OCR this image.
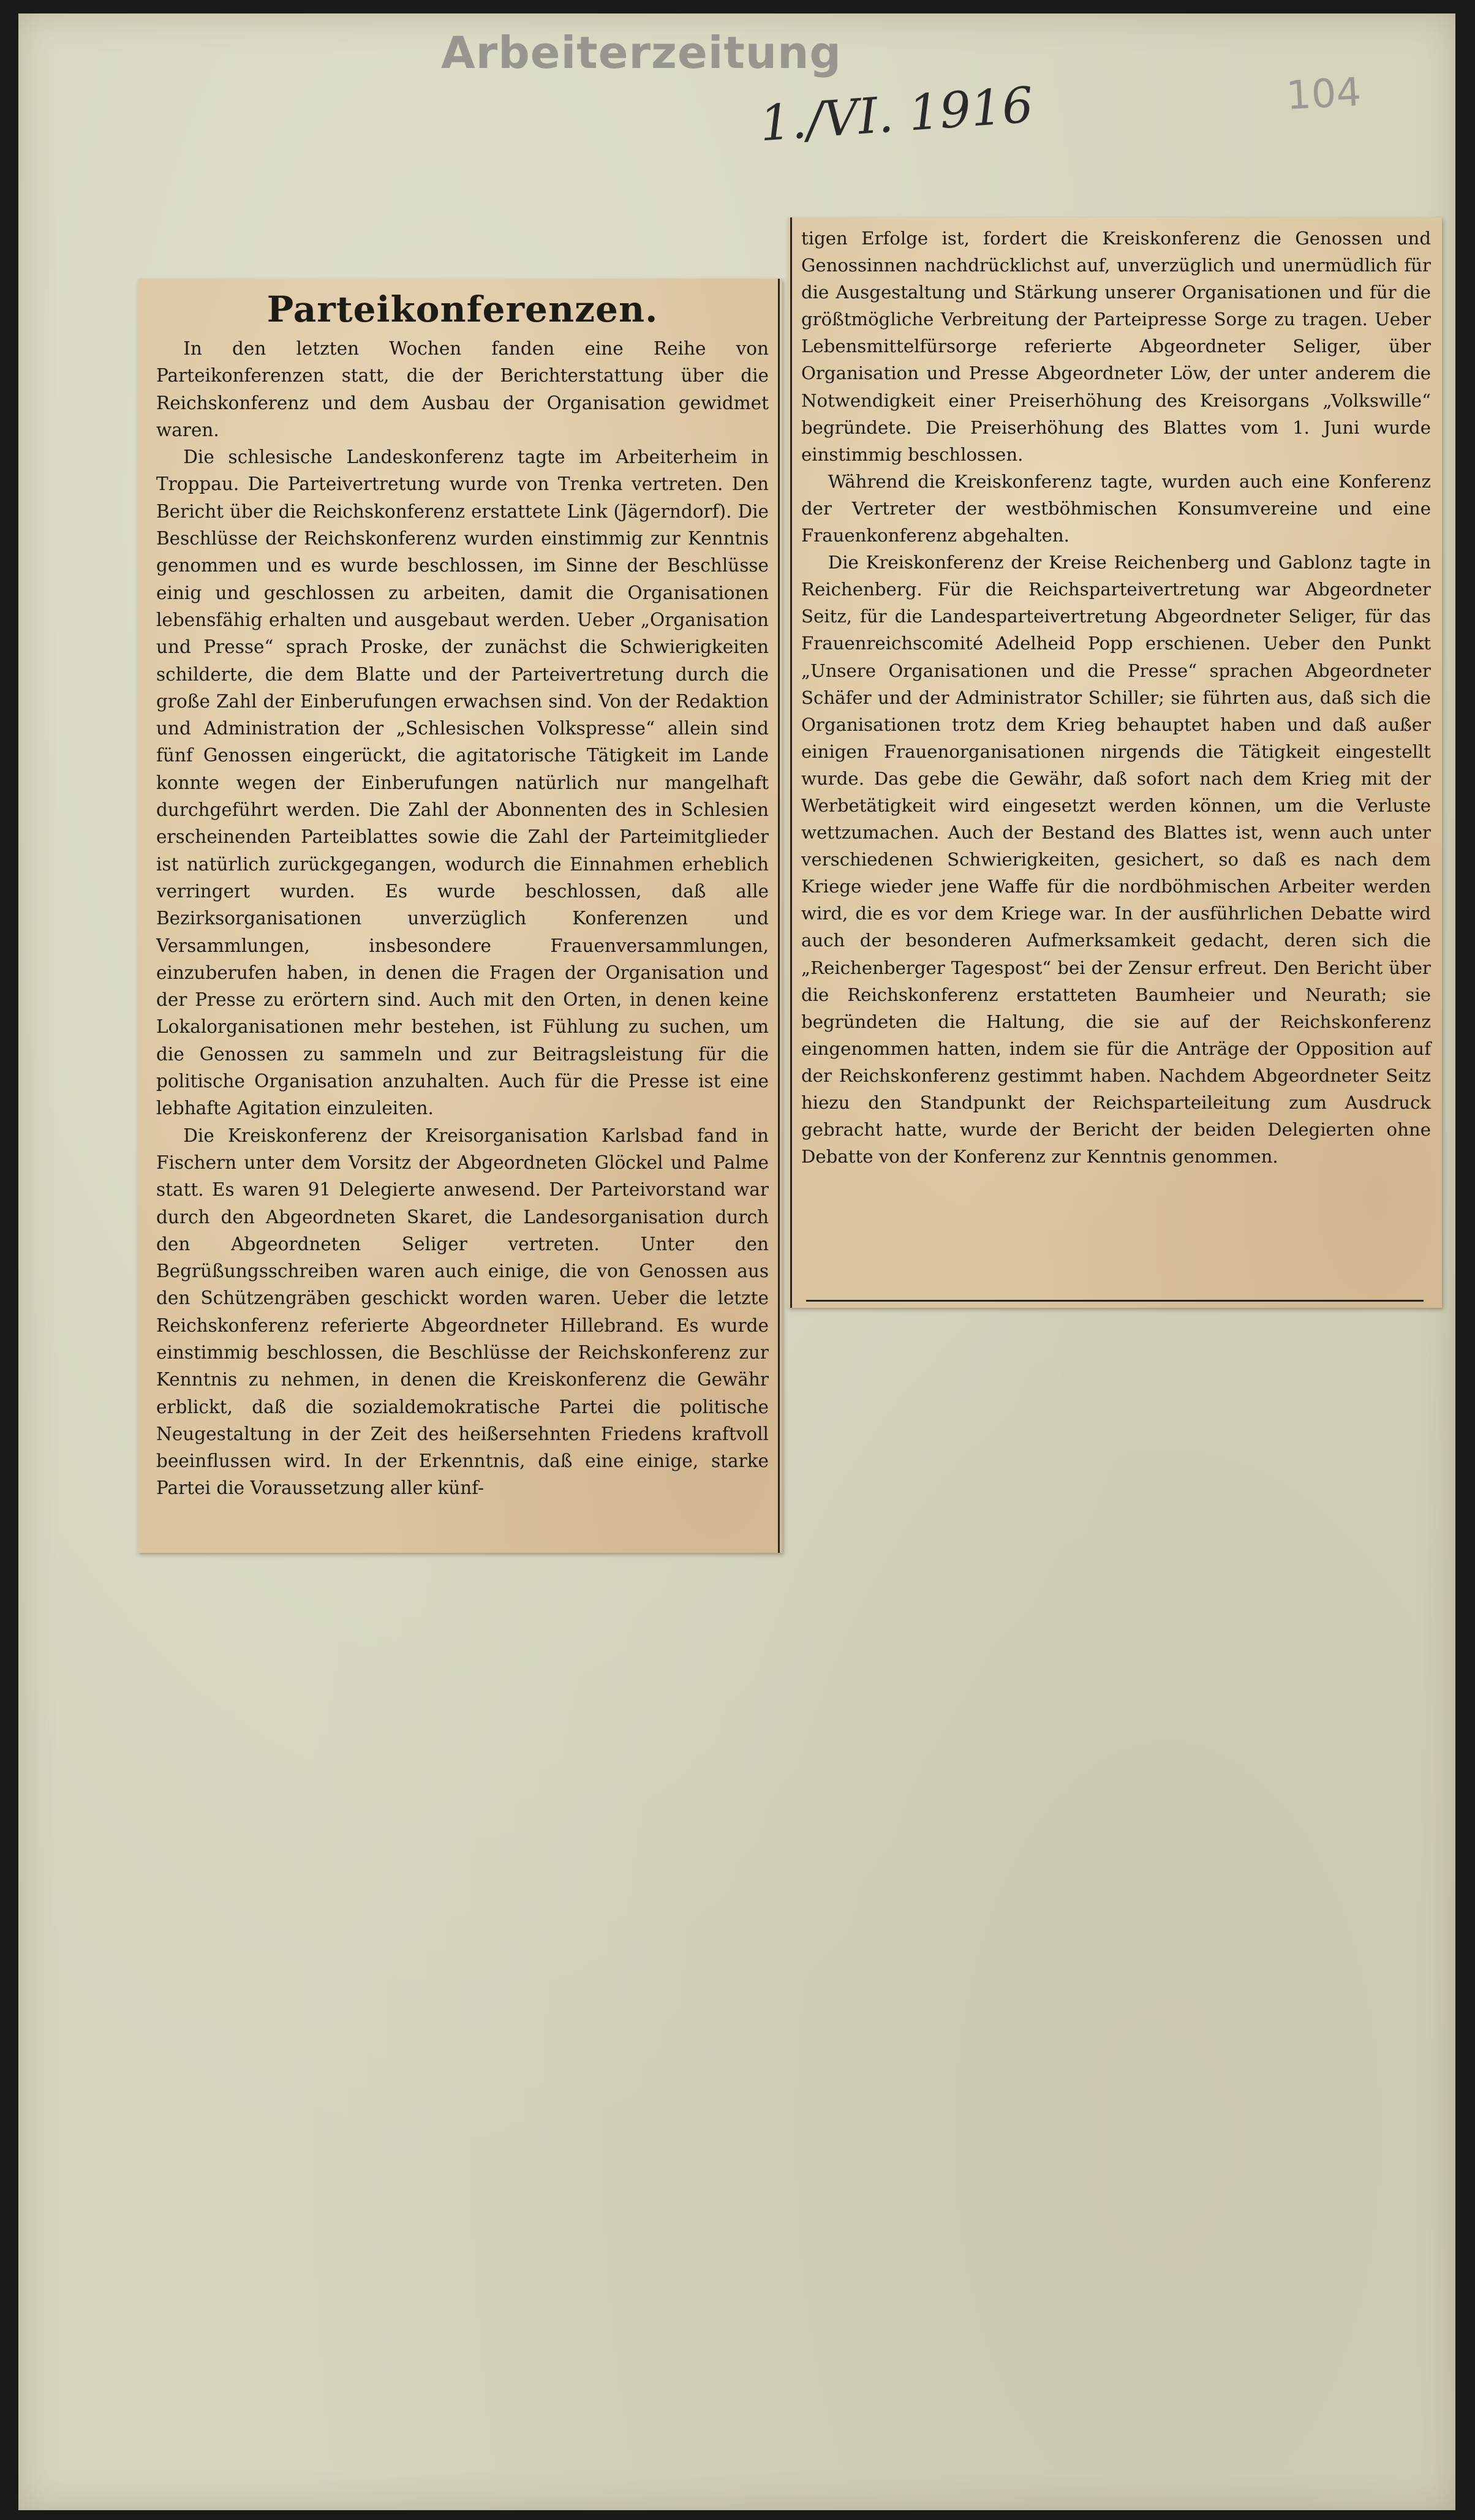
Arbeiterzeitung
1./VI. 1916	104
Parteikonferenzen.

In den letzten Wochen fanden eine Reihe von Parteikonferenzen statt, die der Berichterstattung über die Reichskonferenz und dem Ausbau der Organisation gewidmet waren.

Die schlesische Landeskonferenz tagte im Arbeiterheim in Troppau. Die Parteivertretung wurde von Trenka vertreten. Den Bericht über die Reichskonferenz erstattete Link (Jägerndorf). Die Beschlüsse der Reichskonferenz wurden einstimmig zur Kenntnis genommen und es wurde beschlossen, im Sinne der Beschlüsse einig und geschlossen zu arbeiten, damit die Organisationen lebensfähig erhalten und ausgebaut werden. Ueber „Organisation und Presse“ sprach Proske, der zunächst die Schwierigkeiten schilderte, die dem Blatte und der Parteivertretung durch die große Zahl der Einberufungen erwachsen sind. Von der Redaktion und Administration der „Schlesischen Volkspresse“ allein sind fünf Genossen eingerückt, die agitatorische Tätigkeit im Lande konnte wegen der Einberufungen natürlich nur mangelhaft durchgeführt werden. Die Zahl der Abonnenten des in Schlesien erscheinenden Parteiblattes sowie die Zahl der Parteimitglieder ist natürlich zurückgegangen, wodurch die Einnahmen erheblich verringert wurden. Es wurde beschlossen, daß alle Bezirksorganisationen unverzüglich Konferenzen und Versammlungen, insbesondere Frauenversammlungen, einzuberufen haben, in denen die Fragen der Organisation und der Presse zu erörtern sind. Auch mit den Orten, in denen keine Lokalorganisationen mehr bestehen, ist Fühlung zu suchen, um die Genossen zu sammeln und zur Beitragsleistung für die politische Organisation anzuhalten. Auch für die Presse ist eine lebhafte Agitation einzuleiten.

Die Kreiskonferenz der Kreisorganisation Karlsbad fand in Fischern unter dem Vorsitz der Abgeordneten Glöckel und Palme statt. Es waren 91 Delegierte anwesend. Der Parteivorstand war durch den Abgeordneten Skaret, die Landesorganisation durch den Abgeordneten Seliger vertreten. Unter den Begrüßungsschreiben waren auch einige, die von Genossen aus den Schützengräben geschickt worden waren. Ueber die letzte Reichskonferenz referierte Abgeordneter Hillebrand. Es wurde einstimmig beschlossen, die Beschlüsse der Reichskonferenz zur Kenntnis zu nehmen, in denen die Kreiskonferenz die Gewähr erblickt, daß die sozialdemokratische Partei die politische Neugestaltung in der Zeit des heißersehnten Friedens kraftvoll beeinflussen wird. In der Erkenntnis, daß eine einige, starke Partei die Voraussetzung aller künf-

tigen Erfolge ist, fordert die Kreiskonferenz die Genossen und Genossinnen nachdrücklichst auf, unverzüglich und unermüdlich für die Ausgestaltung und Stärkung unserer Organisationen und für die größtmögliche Verbreitung der Parteipresse Sorge zu tragen. Ueber Lebensmittelfürsorge referierte Abgeordneter Seliger, über Organisation und Presse Abgeordneter Löw, der unter anderem die Notwendigkeit einer Preiserhöhung des Kreisorgans „Volkswille“ begründete. Die Preiserhöhung des Blattes vom 1. Juni wurde einstimmig beschlossen.

Während die Kreiskonferenz tagte, wurden auch eine Konferenz der Vertreter der westböhmischen Konsumvereine und eine Frauenkonferenz abgehalten.

Die Kreiskonferenz der Kreise Reichenberg und Gablonz tagte in Reichenberg. Für die Reichsparteivertretung war Abgeordneter Seitz, für die Landesparteivertretung Abgeordneter Seliger, für das Frauenreichscomité Adelheid Popp erschienen. Ueber den Punkt „Unsere Organisationen und die Presse“ sprachen Abgeordneter Schäfer und der Administrator Schiller; sie führten aus, daß sich die Organisationen trotz dem Krieg behauptet haben und daß außer einigen Frauenorganisationen nirgends die Tätigkeit eingestellt wurde. Das gebe die Gewähr, daß sofort nach dem Krieg mit der Werbetätigkeit wird eingesetzt werden können, um die Verluste wettzumachen. Auch der Bestand des Blattes ist, wenn auch unter verschiedenen Schwierigkeiten, gesichert, so daß es nach dem Kriege wieder jene Waffe für die nordböhmischen Arbeiter werden wird, die es vor dem Kriege war. In der ausführlichen Debatte wird auch der besonderen Aufmerksamkeit gedacht, deren sich die „Reichenberger Tagespost“ bei der Zensur erfreut. Den Bericht über die Reichskonferenz erstatteten Baumheier und Neurath; sie begründeten die Haltung, die sie auf der Reichskonferenz eingenommen hatten, indem sie für die Anträge der Opposition auf der Reichskonferenz gestimmt haben. Nachdem Abgeordneter Seitz hiezu den Standpunkt der Reichsparteileitung zum Ausdruck gebracht hatte, wurde der Bericht der beiden Delegierten ohne Debatte von der Konferenz zur Kenntnis genommen.
